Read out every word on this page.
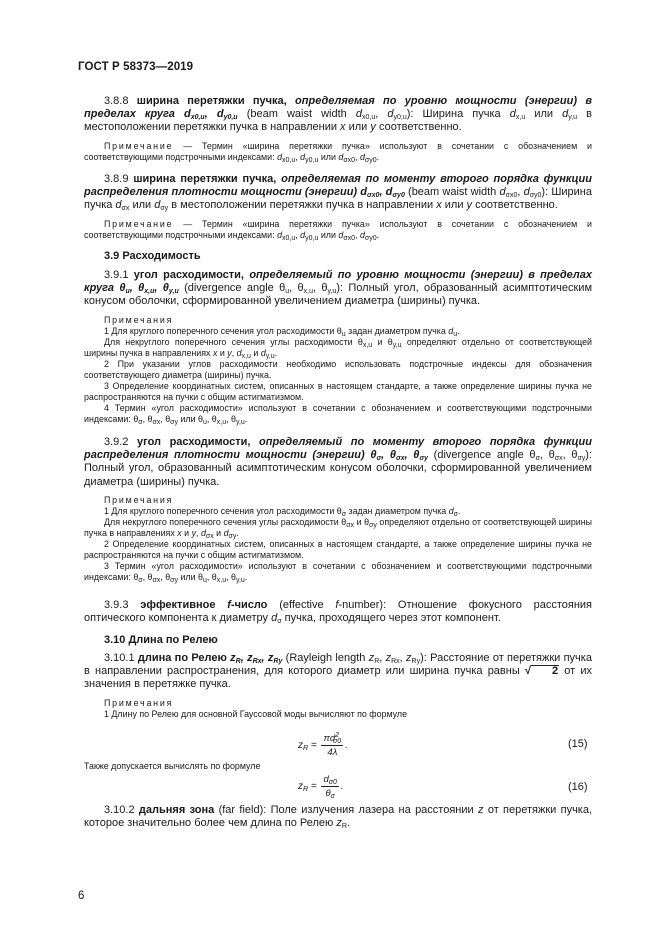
ГОСТ Р 58373—2019

3.8.8 ширина перетяжки пучка, определяемая по уровню мощности (энергии) в пределах круга $d_{x0,u}$, $d_{y0,u}$ (beam waist width $d_{x0,u}$, $d_{y0,u}$): Ширина пучка $d_{x,u}$ или $d_{y,u}$ в местоположении перетяжки пучка в направлении x или y соответственно.

Примечание — Термин «ширина перетяжки пучка» используют в сочетании с обозначением и соответствующими подстрочными индексами: $d_{x0,u}$, $d_{y0,u}$ или $d_{\sigma x0}$, $d_{\sigma y0}$.

3.8.9 ширина перетяжки пучка, определяемая по моменту второго порядка функции распределения плотности мощности (энергии) $d_{\sigma x0}$, $d_{\sigma y0}$ (beam waist width $d_{\sigma x0}$, $d_{\sigma y0}$): Ширина пучка $d_{\sigma x}$ или $d_{\sigma y}$ в местоположении перетяжки пучка в направлении x или y соответственно.

Примечание — Термин «ширина перетяжки пучка» используют в сочетании с обозначением и соответствующими подстрочными индексами: $d_{x0,u}$, $d_{y0,u}$ или $d_{\sigma x0}$, $d_{\sigma y0}$.

3.9 Расходимость

3.9.1 угол расходимости, определяемый по уровню мощности (энергии) в пределах круга $\theta_u$, $\theta_{x,u}$, $\theta_{y,u}$ (divergence angle $\theta_u$, $\theta_{x,u}$, $\theta_{y,u}$): Полный угол, образованный асимптотическим конусом оболочки, сформированной увеличением диаметра (ширины) пучка.

Примечания

1 Для круглого поперечного сечения угол расходимости $\theta_u$ задан диаметром пучка $d_u$.

Для некруглого поперечного сечения углы расходимости $\theta_{x,u}$ и $\theta_{y,u}$ определяют отдельно от соответствующей ширины пучка в направлениях x и y, $d_{x,u}$ и $d_{y,u}$.

2 При указании углов расходимости необходимо использовать подстрочные индексы для обозначения соответствующего диаметра (ширины) пучка.

3 Определение координатных систем, описанных в настоящем стандарте, а также определение ширины пучка не распространяются на пучки с общим астигматизмом.

4 Термин «угол расходимости» используют в сочетании с обозначением и соответствующими подстрочными индексами: $\theta_\sigma$, $\theta_{\sigma x}$, $\theta_{\sigma y}$ или $\theta_u$, $\theta_{x,u}$, $\theta_{y,u}$.

3.9.2 угол расходимости, определяемый по моменту второго порядка функции распределения плотности мощности (энергии) $\theta_\sigma$, $\theta_{\sigma x}$, $\theta_{\sigma y}$ (divergence angle $\theta_\sigma$, $\theta_{\sigma x}$, $\theta_{\sigma y}$): Полный угол, образованный асимптотическим конусом оболочки, сформированной увеличением диаметра (ширины) пучка.

Примечания

1 Для круглого поперечного сечения угол расходимости $\theta_\sigma$ задан диаметром пучка $d_\sigma$.

Для некруглого поперечного сечения углы расходимости $\theta_{\sigma x}$ и $\theta_{\sigma y}$ определяют отдельно от соответствующей ширины пучка в направлениях x и y, $d_{\sigma x}$ и $d_{\sigma y}$.

2 Определение координатных систем, описанных в настоящем стандарте, а также определение ширины пучка не распространяются на пучки с общим астигматизмом.

3 Термин «угол расходимости» используют в сочетании с обозначением и соответствующими подстрочными индексами: $\theta_\sigma$, $\theta_{\sigma x}$, $\theta_{\sigma y}$ или $\theta_u$, $\theta_{x,u}$, $\theta_{y,u}$.

3.9.3 эффективное f-число (effective f-number): Отношение фокусного расстояния оптического компонента к диаметру $d_\sigma$ пучка, проходящего через этот компонент.

3.10 Длина по Релею

3.10.1 длина по Релею $z_R$, $z_{Rx}$, $z_{Ry}$ (Rayleigh length $z_R$, $z_{Rx}$, $z_{Ry}$): Расстояние от перетяжки пучка в направлении распространения, для которого диаметр или ширина пучка равны √ 2 от их значения в перетяжке пучка.

Примечания

1 Длину по Релею для основной Гауссовой моды вычисляют по формуле

$z_R = \frac{\pi d^2_{\sigma 0}}{4\lambda}$ .	(15)

Также допускается вычислять по формуле

$z_R = \frac{d_{\sigma 0}}{\theta_\sigma}$ .	(16)

3.10.2 дальняя зона (far field): Поле излучения лазера на расстоянии z от перетяжки пучка, которое значительно более чем длина по Релею $z_R$.

6
